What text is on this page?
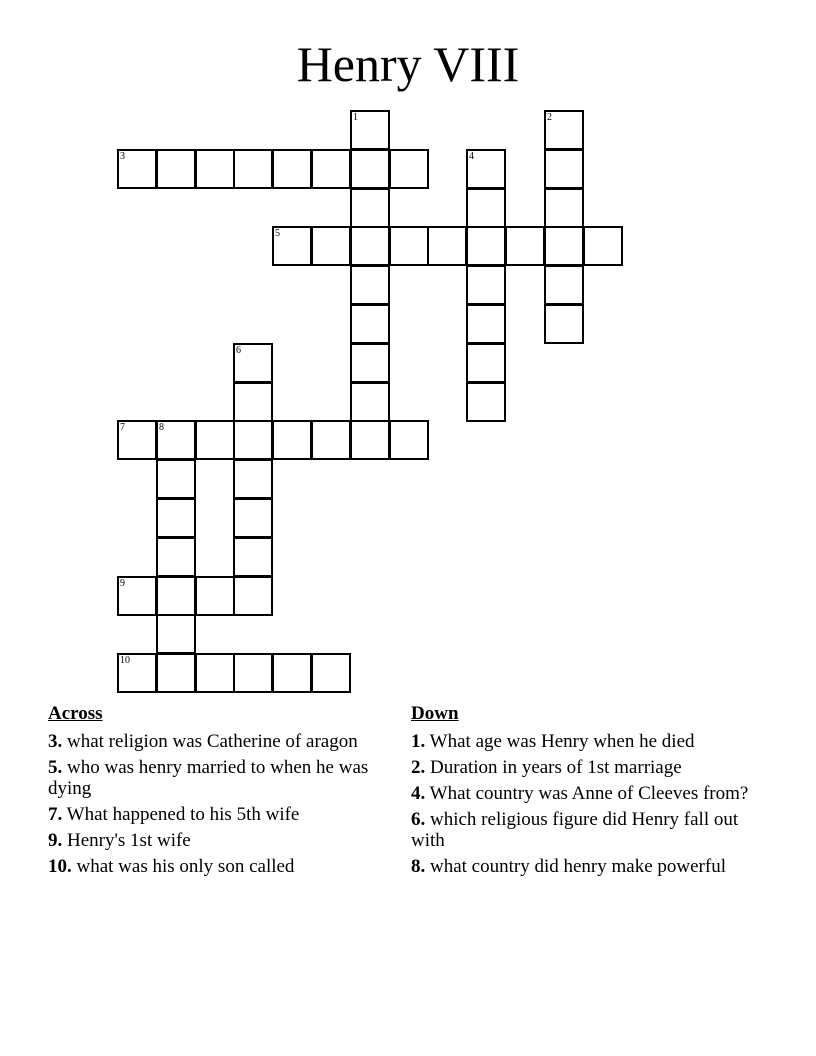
Henry VIII
1	2
3	4
5
6
7	8
9
10
Across
3. what religion was Catherine of aragon
5. who was henry married to when he was dying
7. What happened to his 5th wife
9. Henry's 1st wife
10. what was his only son called
Down
1. What age was Henry when he died
2. Duration in years of 1st marriage
4. What country was Anne of Cleeves from?
6. which religious figure did Henry fall out with
8. what country did henry make powerful
